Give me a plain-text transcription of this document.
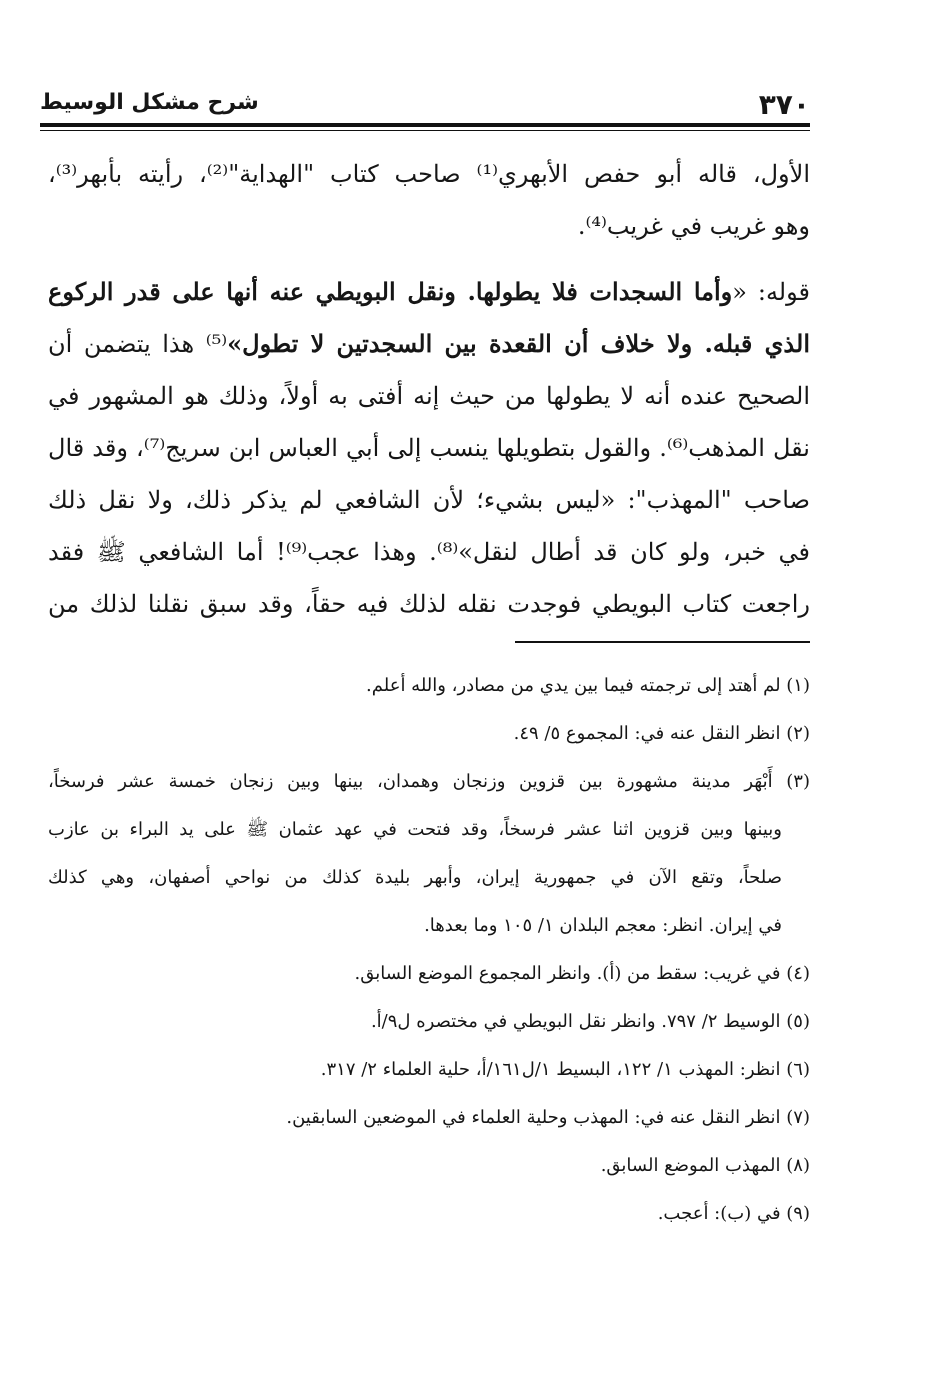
٣٧٠
شرح مشكل الوسيط
الأول، قاله أبو حفص الأبهري⁽¹⁾ صاحب كتاب "الهداية"⁽²⁾، رأيته بأبهر⁽³⁾،
وهو غريب في غريب⁽⁴⁾.
قوله: «وأما السجدات فلا يطولها. ونقل البويطي عنه أنها على قدر الركوع
الذي قبله. ولا خلاف أن القعدة بين السجدتين لا تطول»⁽⁵⁾ هذا يتضمن أن
الصحيح عنده أنه لا يطولها من حيث إنه أفتى به أولاً، وذلك هو المشهور في
نقل المذهب⁽⁶⁾. والقول بتطويلها ينسب إلى أبي العباس ابن سريج⁽⁷⁾، وقد قال
صاحب "المهذب": «ليس بشيء؛ لأن الشافعي لم يذكر ذلك، ولا نقل ذلك
في خبر، ولو كان قد أطال لنقل»⁽⁸⁾. وهذا عجب⁽⁹⁾! أما الشافعي ﷺ فقد
راجعت كتاب البويطي فوجدت نقله لذلك فيه حقاً، وقد سبق نقلنا لذلك من
(١) لم أهتد إلى ترجمته فيما بين يدي من مصادر، والله أعلم.
(٢) انظر النقل عنه في: المجموع ٥/ ٤٩.
(٣) أَبْهَر مدينة مشهورة بين قزوين وزنجان وهمدان، بينها وبين زنجان خمسة عشر فرسخاً،
وبينها وبين قزوين اثنا عشر فرسخاً، وقد فتحت في عهد عثمان ﷺ على يد البراء بن عازب
صلحاً، وتقع الآن في جمهورية إيران، وأبهر بليدة كذلك من نواحي أصفهان، وهي كذلك
في إيران. انظر: معجم البلدان ١/ ١٠٥ وما بعدها.
(٤) في غريب: سقط من (أ). وانظر المجموع الموضع السابق.
(٥) الوسيط ٢/ ٧٩٧. وانظر نقل البويطي في مختصره ل٩/أ.
(٦) انظر: المهذب ١/ ١٢٢، البسيط ١/ل١٦١/أ، حلية العلماء ٢/ ٣١٧.
(٧) انظر النقل عنه في: المهذب وحلية العلماء في الموضعين السابقين.
(٨) المهذب الموضع السابق.
(٩) في (ب): أعجب.
